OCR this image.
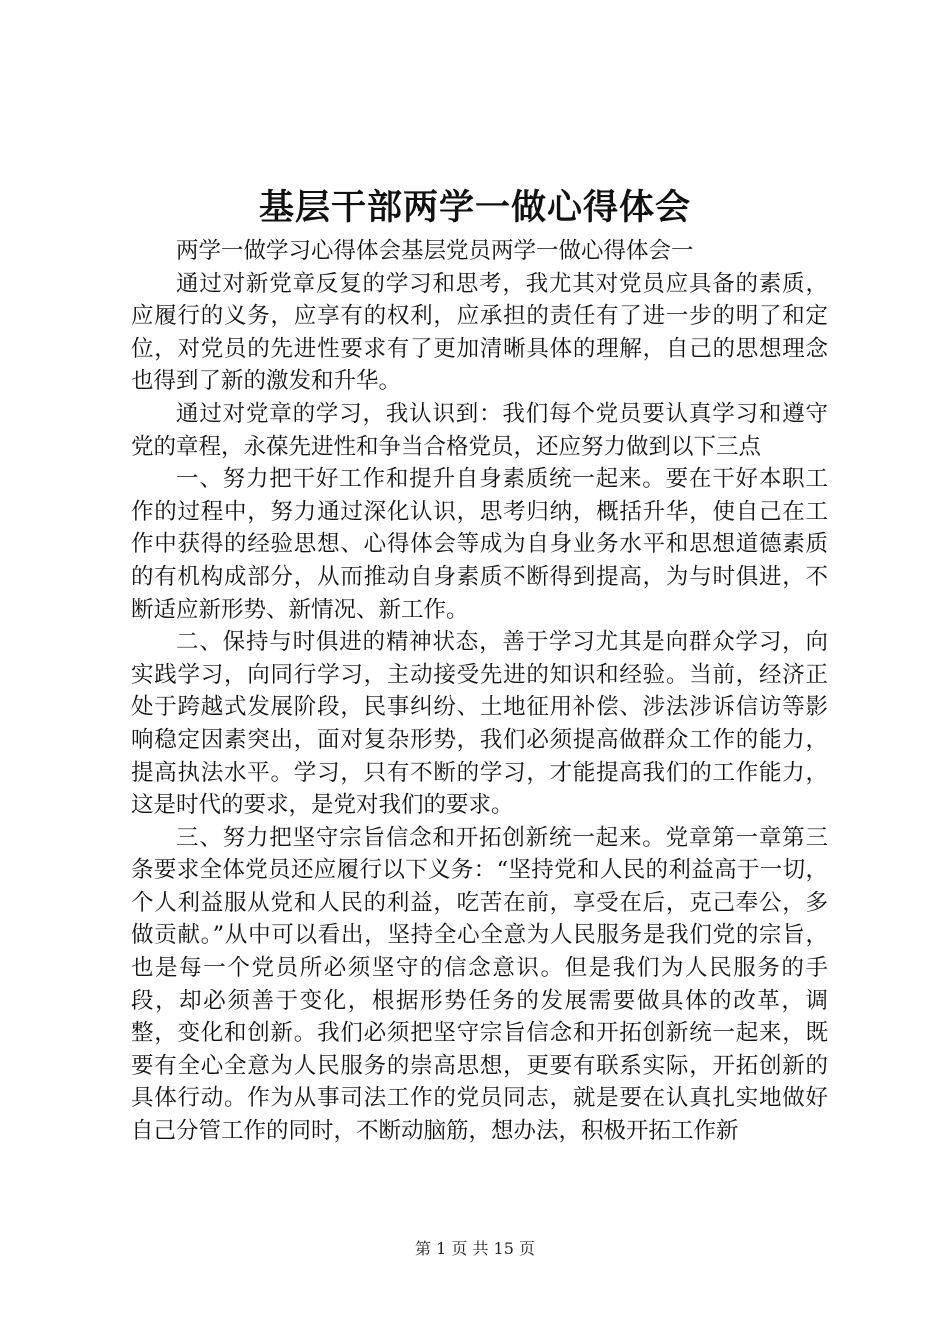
基层干部两学一做心得体会

两学一做学习心得体会基层党员两学一做心得体会一

通过对新党章反复的学习和思考，我尤其对党员应具备的素质，应履行的义务，应享有的权利，应承担的责任有了进一步的明了和定位，对党员的先进性要求有了更加清晰具体的理解，自己的思想理念也得到了新的激发和升华。

通过对党章的学习，我认识到：我们每个党员要认真学习和遵守党的章程，永葆先进性和争当合格党员，还应努力做到以下三点

一、努力把干好工作和提升自身素质统一起来。要在干好本职工作的过程中，努力通过深化认识，思考归纳，概括升华，使自己在工作中获得的经验思想、心得体会等成为自身业务水平和思想道德素质的有机构成部分，从而推动自身素质不断得到提高，为与时俱进，不断适应新形势、新情况、新工作。

二、保持与时俱进的精神状态，善于学习尤其是向群众学习，向实践学习，向同行学习，主动接受先进的知识和经验。当前，经济正处于跨越式发展阶段，民事纠纷、土地征用补偿、涉法涉诉信访等影响稳定因素突出，面对复杂形势，我们必须提高做群众工作的能力，提高执法水平。学习，只有不断的学习，才能提高我们的工作能力，这是时代的要求，是党对我们的要求。

三、努力把坚守宗旨信念和开拓创新统一起来。党章第一章第三条要求全体党员还应履行以下义务：“坚持党和人民的利益高于一切，个人利益服从党和人民的利益，吃苦在前，享受在后，克己奉公，多做贡献。”从中可以看出，坚持全心全意为人民服务是我们党的宗旨，也是每一个党员所必须坚守的信念意识。但是我们为人民服务的手段，却必须善于变化，根据形势任务的发展需要做具体的改革，调整，变化和创新。我们必须把坚守宗旨信念和开拓创新统一起来，既要有全心全意为人民服务的崇高思想，更要有联系实际，开拓创新的具体行动。作为从事司法工作的党员同志，就是要在认真扎实地做好自己分管工作的同时，不断动脑筋，想办法，积极开拓工作新

第 1 页 共 15 页
